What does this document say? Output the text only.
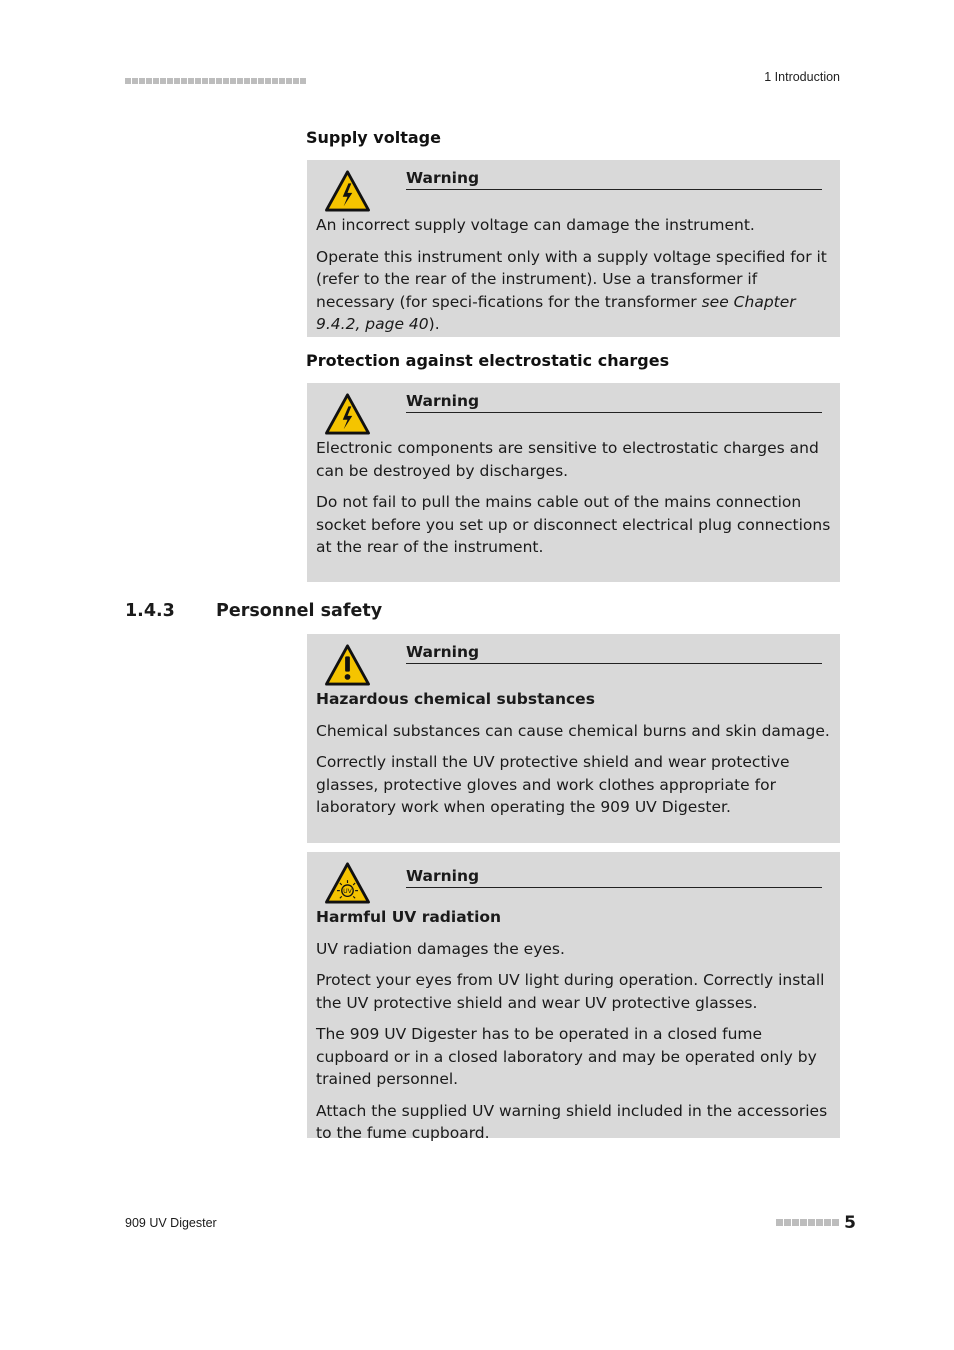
1 Introduction
Supply voltage
Warning

An incorrect supply voltage can damage the instrument.

Operate this instrument only with a supply voltage specified for it (refer to the rear of the instrument). Use a transformer if necessary (for speci-fications for the transformer see Chapter 9.4.2, page 40).

Protection against electrostatic charges
Warning

Electronic components are sensitive to electrostatic charges and can be destroyed by discharges.

Do not fail to pull the mains cable out of the mains connection socket before you set up or disconnect electrical plug connections at the rear of the instrument.

1.4.3 Personnel safety
Warning

Hazardous chemical substances

Chemical substances can cause chemical burns and skin damage.

Correctly install the UV protective shield and wear protective glasses, protective gloves and work clothes appropriate for laboratory work when operating the 909 UV Digester.

UV
Warning

Harmful UV radiation

UV radiation damages the eyes.

Protect your eyes from UV light during operation. Correctly install the UV protective shield and wear UV protective glasses.

The 909 UV Digester has to be operated in a closed fume cupboard or in a closed laboratory and may be operated only by trained personnel.

Attach the supplied UV warning shield included in the accessories to the fume cupboard.

909 UV Digester	5
